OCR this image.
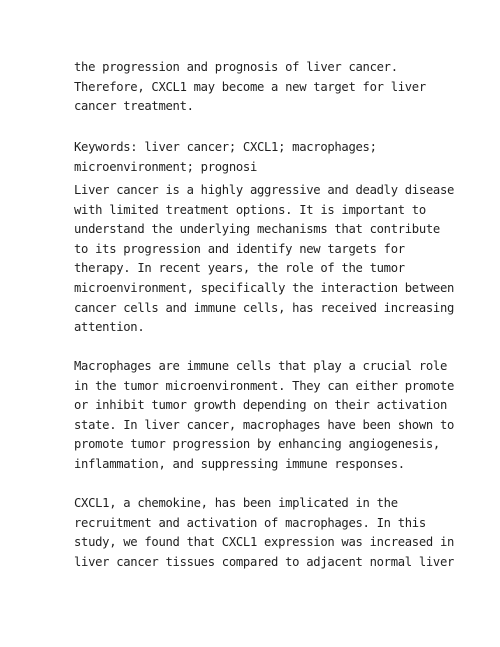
the progression and prognosis of liver cancer.
Therefore, CXCL1 may become a new target for liver
cancer treatment.
Keywords: liver cancer; CXCL1; macrophages;
microenvironment; prognosi
Liver cancer is a highly aggressive and deadly disease
with limited treatment options. It is important to
understand the underlying mechanisms that contribute
to its progression and identify new targets for
therapy. In recent years, the role of the tumor
microenvironment, specifically the interaction between
cancer cells and immune cells, has received increasing
attention.
Macrophages are immune cells that play a crucial role
in the tumor microenvironment. They can either promote
or inhibit tumor growth depending on their activation
state. In liver cancer, macrophages have been shown to
promote tumor progression by enhancing angiogenesis,
inflammation, and suppressing immune responses.
CXCL1, a chemokine, has been implicated in the
recruitment and activation of macrophages. In this
study, we found that CXCL1 expression was increased in
liver cancer tissues compared to adjacent normal liver
